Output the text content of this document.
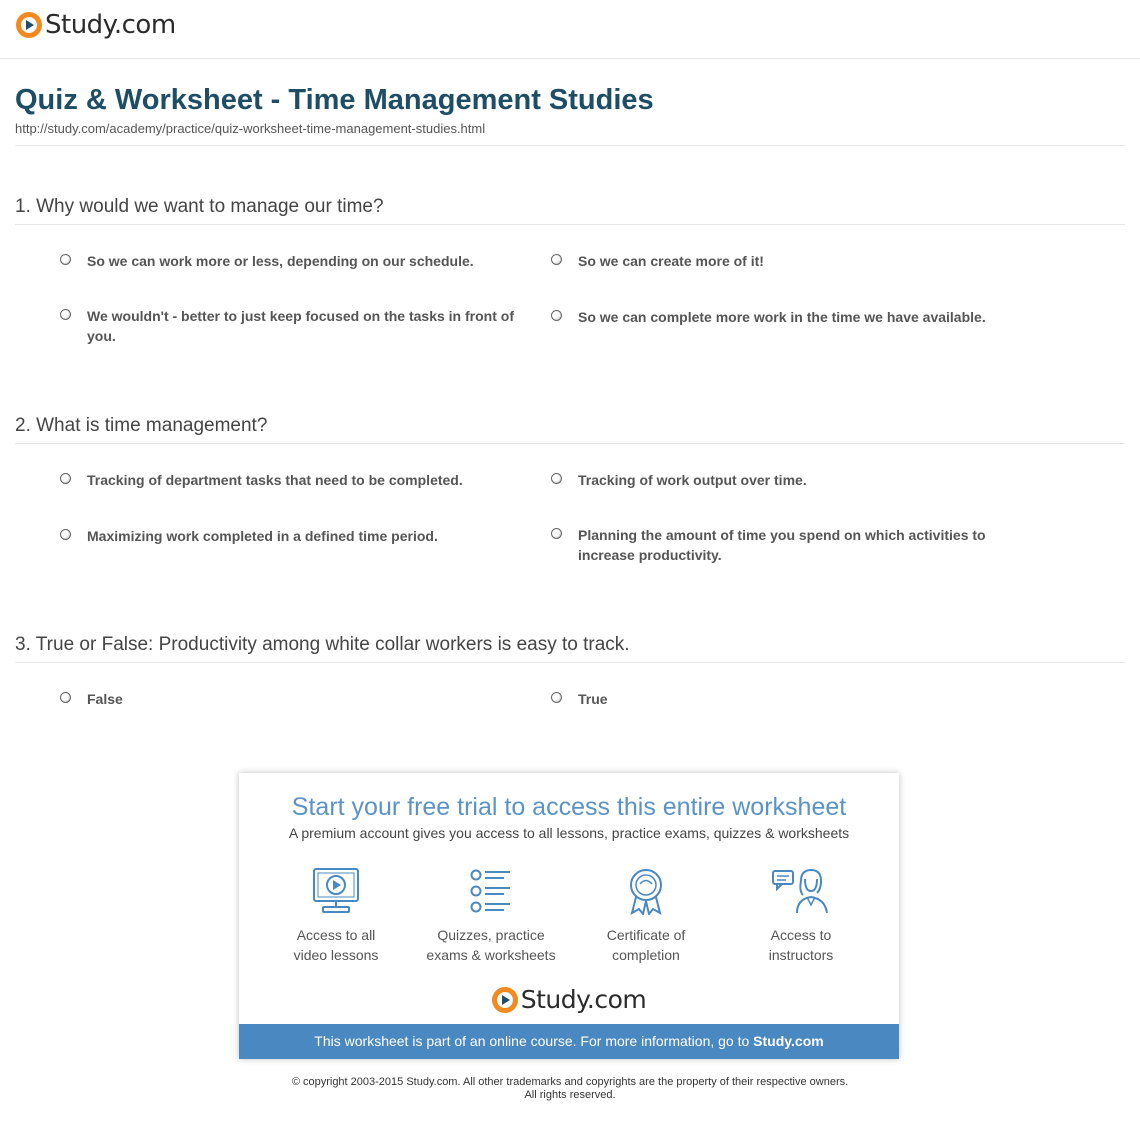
Study.com
Quiz & Worksheet - Time Management Studies
http://study.com/academy/practice/quiz-worksheet-time-management-studies.html
1. Why would we want to manage our time?
So we can work more or less, depending on our schedule.	So we can create more of it!
We wouldn't - better to just keep focused on the tasks in front of you.
So we can complete more work in the time we have available.
2. What is time management?
Tracking of department tasks that need to be completed.	Tracking of work output over time.
Maximizing work completed in a defined time period.	Planning the amount of time you spend on which activities to increase productivity.
3. True or False: Productivity among white collar workers is easy to track.
False	True
Start your free trial to access this entire worksheet
A premium account gives you access to all lessons, practice exams, quizzes & worksheets
Access to all
video lessons
Quizzes, practice
exams & worksheets
Certificate of
completion
Access to
instructors
Study.com
This worksheet is part of an online course. For more information, go to Study.com
© copyright 2003-2015 Study.com. All other trademarks and copyrights are the property of their respective owners.
All rights reserved.
